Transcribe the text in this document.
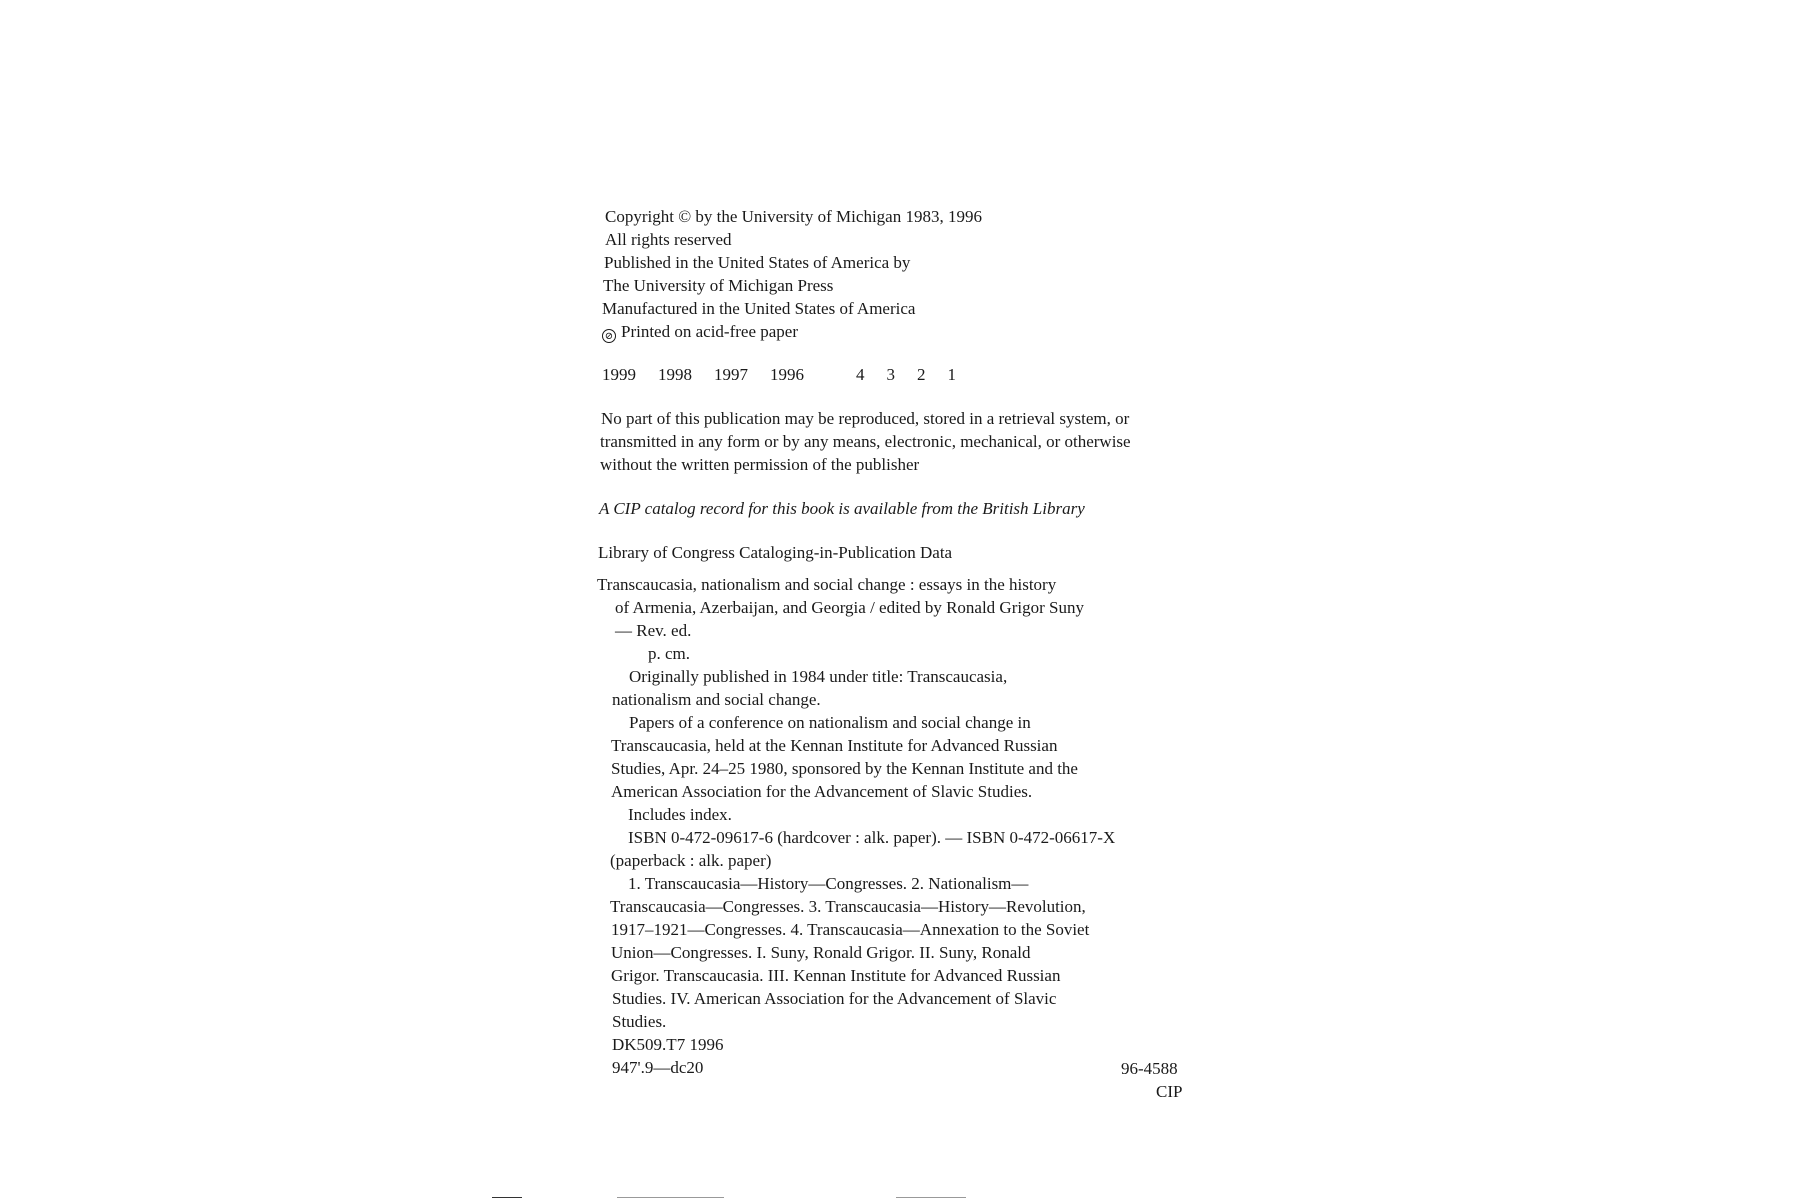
Copyright © by the University of Michigan 1983, 1996
All rights reserved
Published in the United States of America by
The University of Michigan Press
Manufactured in the United States of America
⊘ Printed on acid-free paper
1999 1998 1997 1996	4 3 2 1
No part of this publication may be reproduced, stored in a retrieval system, or
transmitted in any form or by any means, electronic, mechanical, or otherwise
without the written permission of the publisher
A CIP catalog record for this book is available from the British Library
Library of Congress Cataloging-in-Publication Data
Transcaucasia, nationalism and social change : essays in the history
of Armenia, Azerbaijan, and Georgia / edited by Ronald Grigor Suny
— Rev. ed.
p. cm.
Originally published in 1984 under title: Transcaucasia,
nationalism and social change.
Papers of a conference on nationalism and social change in
Transcaucasia, held at the Kennan Institute for Advanced Russian
Studies, Apr. 24–25 1980, sponsored by the Kennan Institute and the
American Association for the Advancement of Slavic Studies.
Includes index.
ISBN 0-472-09617-6 (hardcover : alk. paper). — ISBN 0-472-06617-X
(paperback : alk. paper)
1. Transcaucasia—History—Congresses. 2. Nationalism—
Transcaucasia—Congresses. 3. Transcaucasia—History—Revolution,
1917–1921—Congresses. 4. Transcaucasia—Annexation to the Soviet
Union—Congresses. I. Suny, Ronald Grigor. II. Suny, Ronald
Grigor. Transcaucasia. III. Kennan Institute for Advanced Russian
Studies. IV. American Association for the Advancement of Slavic
Studies.
DK509.T7 1996
947'.9—dc20	96-4588
CIP
